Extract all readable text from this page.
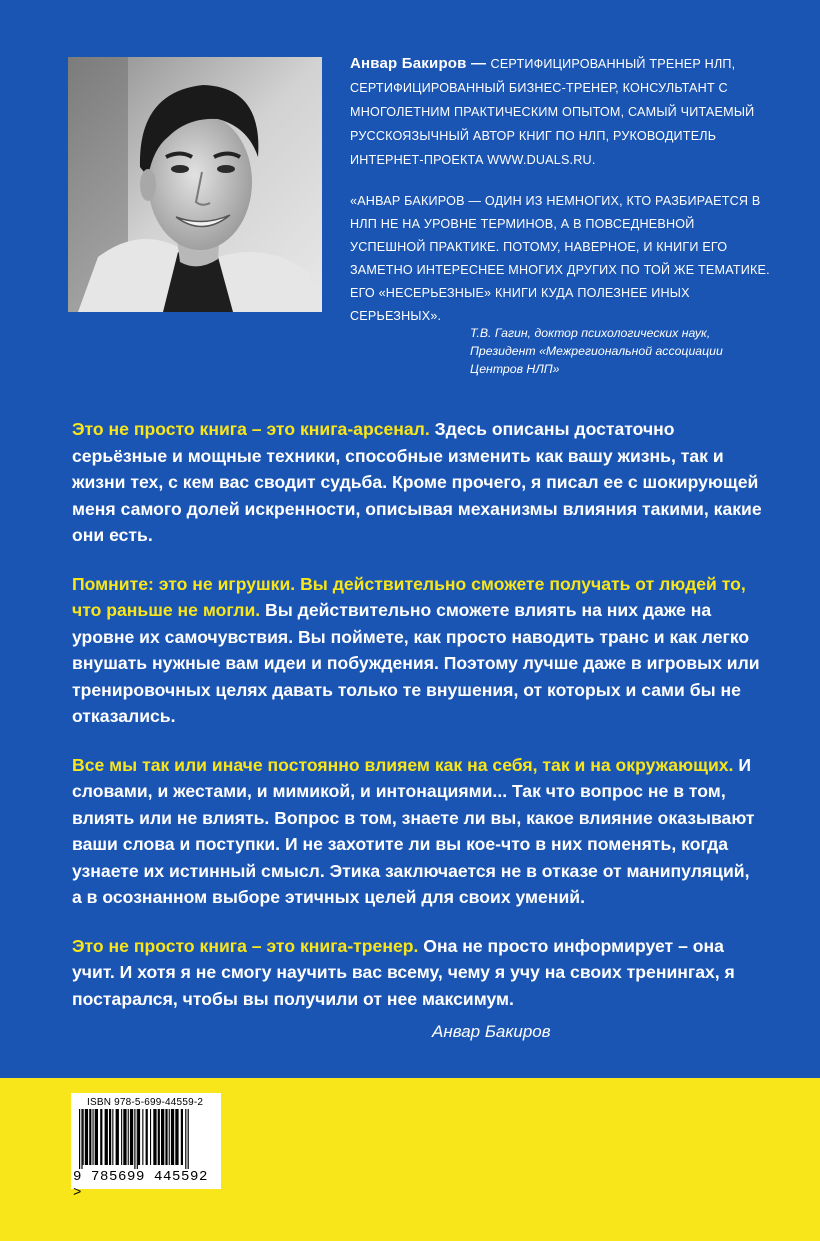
Анвар Бакиров — СЕРТИФИЦИРОВАННЫЙ ТРЕНЕР НЛП, СЕРТИФИЦИРОВАННЫЙ БИЗНЕС-ТРЕНЕР, КОНСУЛЬТАНТ С МНОГОЛЕТНИМ ПРАКТИЧЕСКИМ ОПЫТОМ, САМЫЙ ЧИТАЕМЫЙ РУССКОЯЗЫЧНЫЙ АВТОР КНИГ ПО НЛП, РУКОВОДИТЕЛЬ ИНТЕРНЕТ-ПРОЕКТА WWW.DUALS.RU.
«АНВАР БАКИРОВ — ОДИН ИЗ НЕМНОГИХ, КТО РАЗБИРАЕТСЯ В НЛП НЕ НА УРОВНЕ ТЕРМИНОВ, А В ПОВСЕДНЕВНОЙ УСПЕШНОЙ ПРАКТИКЕ. ПОТОМУ, НАВЕРНОЕ, И КНИГИ ЕГО ЗАМЕТНО ИНТЕРЕСНЕЕ МНОГИХ ДРУГИХ ПО ТОЙ ЖЕ ТЕМАТИКЕ. ЕГО «НЕСЕРЬЕЗНЫЕ» КНИГИ КУДА ПОЛЕЗНЕЕ ИНЫХ СЕРЬЕЗНЫХ».
Т.В. Гагин, доктор психологических наук,
Президент «Межрегиональной ассоциации
Центров НЛП»

Это не просто книга – это книга-арсенал. Здесь описаны достаточно серьёзные и мощные техники, способные изменить как вашу жизнь, так и жизни тех, с кем вас сводит судьба. Кроме прочего, я писал ее с шокирующей меня самого долей искренности, описывая механизмы влияния такими, какие они есть.

Помните: это не игрушки. Вы действительно сможете получать от людей то, что раньше не могли. Вы действительно сможете влиять на них даже на уровне их самочувствия. Вы поймете, как просто наводить транс и как легко внушать нужные вам идеи и побуждения. Поэтому лучше даже в игровых или тренировочных целях давать только те внушения, от которых и сами бы не отказались.

Все мы так или иначе постоянно влияем как на себя, так и на окружающих. И словами, и жестами, и мимикой, и интонациями... Так что вопрос не в том, влиять или не влиять. Вопрос в том, знаете ли вы, какое влияние оказывают ваши слова и поступки. И не захотите ли вы кое-что в них поменять, когда узнаете их истинный смысл. Этика заключается не в отказе от манипуляций, а в осознанном выборе этичных целей для своих умений.

Это не просто книга – это книга-тренер. Она не просто информирует – она учит. И хотя я не смогу научить вас всему, чему я учу на своих тренингах, я постарался, чтобы вы получили от нее максимум.

Анвар Бакиров
ISBN 978-5-699-44559-2
9 785699 445592 >
